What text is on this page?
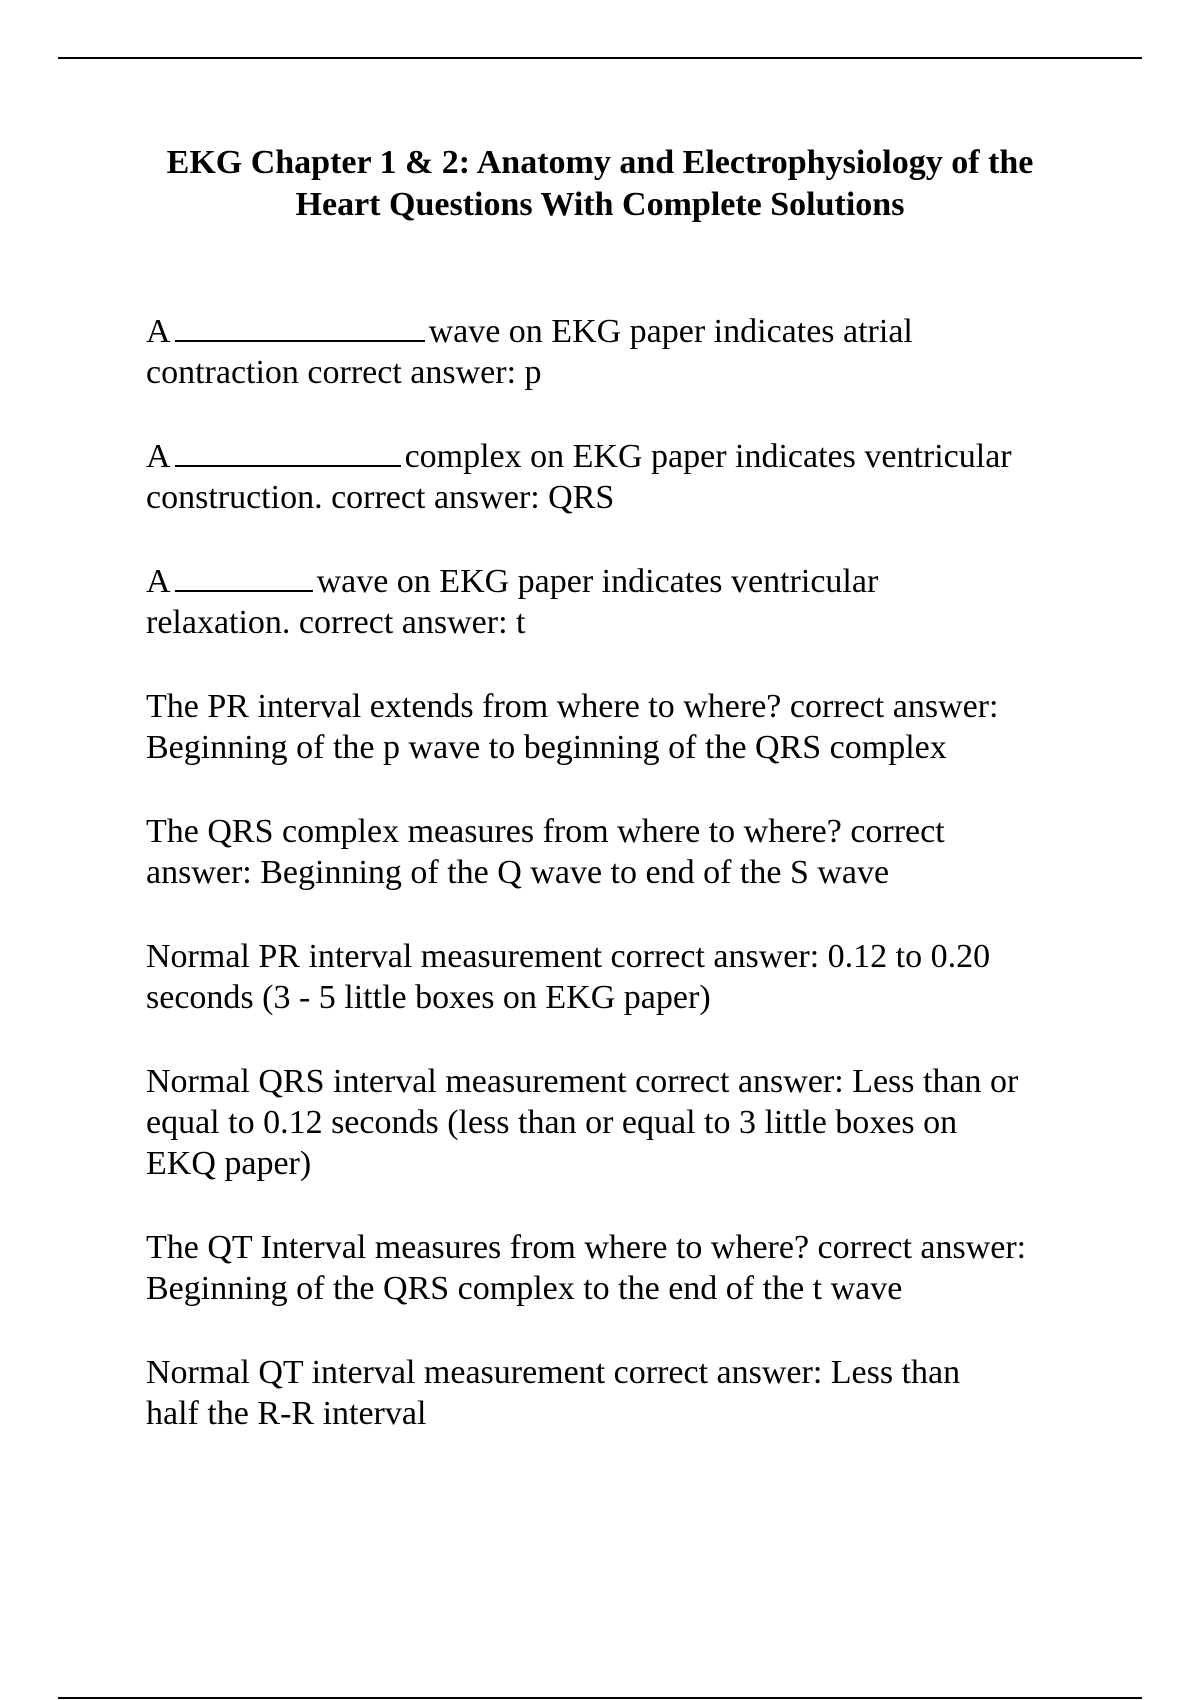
EKG Chapter 1 & 2: Anatomy and Electrophysiology of the
Heart Questions With Complete Solutions
A	wave on EKG paper indicates atrial
contraction correct answer: p
A	complex on EKG paper indicates ventricular
construction. correct answer: QRS
A	wave on EKG paper indicates ventricular
relaxation. correct answer: t
The PR interval extends from where to where? correct answer:
Beginning of the p wave to beginning of the QRS complex
The QRS complex measures from where to where? correct
answer: Beginning of the Q wave to end of the S wave
Normal PR interval measurement correct answer: 0.12 to 0.20
seconds (3 - 5 little boxes on EKG paper)
Normal QRS interval measurement correct answer: Less than or
equal to 0.12 seconds (less than or equal to 3 little boxes on
EKQ paper)
The QT Interval measures from where to where? correct answer:
Beginning of the QRS complex to the end of the t wave
Normal QT interval measurement correct answer: Less than
half the R-R interval
